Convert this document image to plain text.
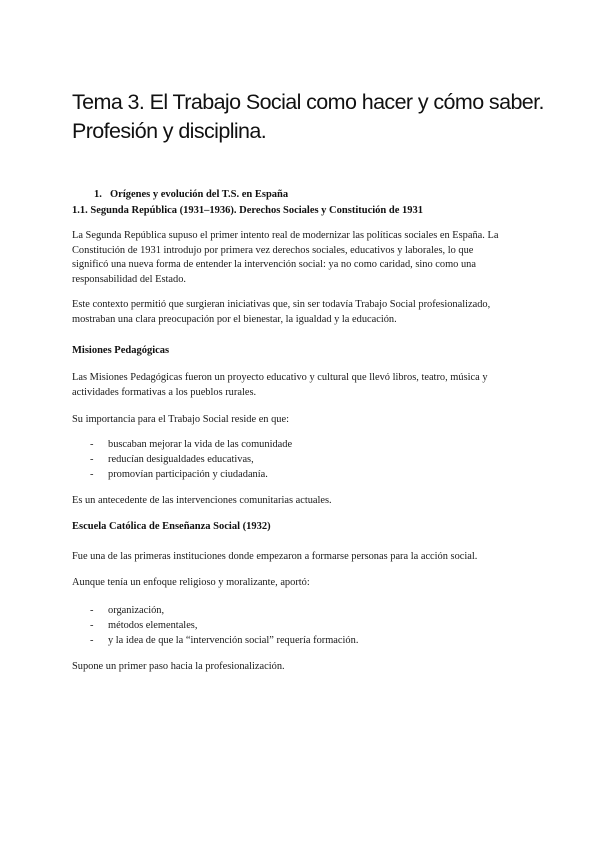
Tema 3. El Trabajo Social como hacer y cómo saber.
Profesión y disciplina.
1. Orígenes y evolución del T.S. en España
1.1. Segunda República (1931–1936). Derechos Sociales y Constitución de 1931

La Segunda República supuso el primer intento real de modernizar las políticas sociales en España. La
Constitución de 1931 introdujo por primera vez derechos sociales, educativos y laborales, lo que
significó una nueva forma de entender la intervención social: ya no como caridad, sino como una
responsabilidad del Estado.

Este contexto permitió que surgieran iniciativas que, sin ser todavía Trabajo Social profesionalizado,
mostraban una clara preocupación por el bienestar, la igualdad y la educación.

Misiones Pedagógicas

Las Misiones Pedagógicas fueron un proyecto educativo y cultural que llevó libros, teatro, música y
actividades formativas a los pueblos rurales.

Su importancia para el Trabajo Social reside en que:

- buscaban mejorar la vida de las comunidade
- reducían desigualdades educativas,
- promovían participación y ciudadanía.

Es un antecedente de las intervenciones comunitarias actuales.

Escuela Católica de Enseñanza Social (1932)

Fue una de las primeras instituciones donde empezaron a formarse personas para la acción social.

Aunque tenía un enfoque religioso y moralizante, aportó:

- organización,
- métodos elementales,
- y la idea de que la “intervención social” requería formación.

Supone un primer paso hacia la profesionalización.
